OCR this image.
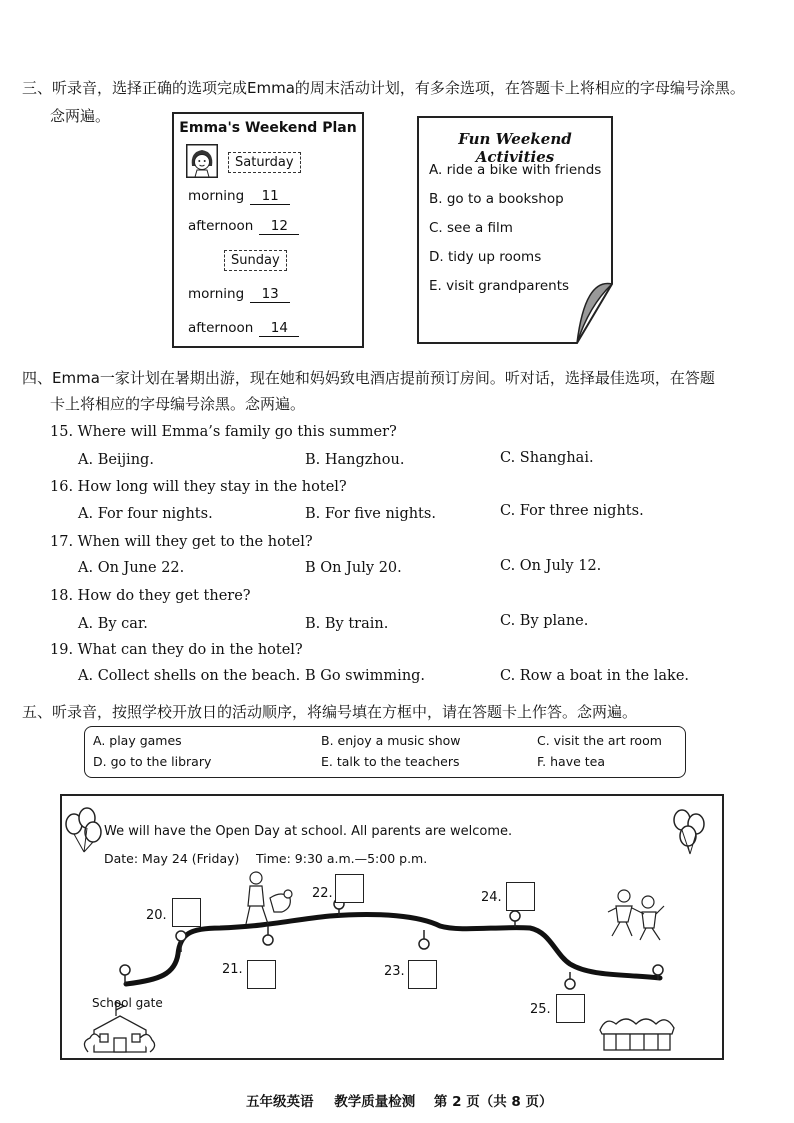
三、听录音，选择正确的选项完成Emma的周末活动计划，有多余选项，在答题卡上将相应的字母编号涂黑。
念两遍。
Emma's Weekend Plan
Saturday
morning 11
afternoon 12
Sunday
morning 13
afternoon 14
Fun Weekend Activities
A. ride a bike with friends
B. go to a bookshop
C. see a film
D. tidy up rooms
E. visit grandparents
四、Emma一家计划在暑期出游，现在她和妈妈致电酒店提前预订房间。听对话，选择最佳选项，在答题
卡上将相应的字母编号涂黑。念两遍。
15. Where will Emma’s family go this summer?
A. Beijing.	B. Hangzhou.	C. Shanghai.
16. How long will they stay in the hotel?
A. For four nights.	B. For five nights.	C. For three nights.
17. When will they get to the hotel?
A. On June 22.	B On July 20.	C. On July 12.
18. How do they get there?
A. By car.	B. By train.	C. By plane.
19. What can they do in the hotel?
A. Collect shells on the beach. B Go swimming.	C. Row a boat in the lake.
五、听录音，按照学校开放日的活动顺序，将编号填在方框中，请在答题卡上作答。念两遍。
A. play games	B. enjoy a music show	C. visit the art room
D. go to the library	E. talk to the teachers	F. have tea
We will have the Open Day at school. All parents are welcome.
Date: May 24 (Friday) Time: 9:30 a.m.—5:00 p.m.
School gate
20.
21.
22.
23.
24.
25.
五年级英语 教学质量检测 第 2 页（共 8 页）
